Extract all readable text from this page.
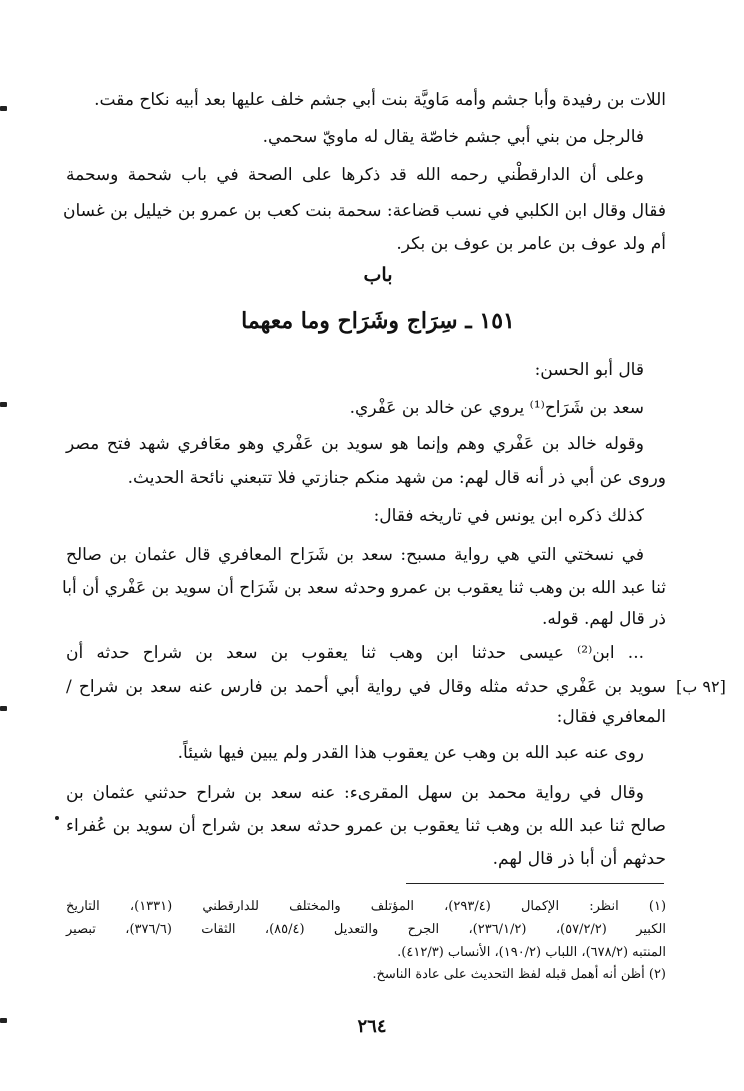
اللات بن رفيدة وأبا جشم وأمه مَاويَّة بنت أبي جشم خلف عليها بعد أبيه نكاح مقت.
فالرجل من بني أبي جشم خاصّة يقال له ماويّ سحمي.
وعلى أن الدارقطْني رحمه الله قد ذكرها على الصحة في باب شحمة وسحمة
فقال وقال ابن الكلبي في نسب قضاعة: سحمة بنت كعب بن عمرو بن خيليل بن غسان
أم ولد عوف بن عامر بن عوف بن بكر.
باب
١٥١ ـ سِرَاج وشَرَاح وما معهما
قال أبو الحسن:
سعد بن شَرَاح⁽¹⁾ يروي عن خالد بن عَفْري.
وقوله خالد بن عَفْري وهم وإنما هو سويد بن عَفْري وهو معَافري شهد فتح مصر
وروى عن أبي ذر أنه قال لهم: من شهد منكم جنازتي فلا تتبعني نائحة الحديث.
كذلك ذكره ابن يونس في تاريخه فقال:
في نسختي التي هي رواية مسبح: سعد بن شَرَاح المعافري قال عثمان بن صالح
ثنا عبد الله بن وهب ثنا يعقوب بن عمرو وحدثه سعد بن شَرَاح أن سويد بن عَفْري أن أبا
ذر قال لهم. قوله.
... ابن⁽²⁾ عيسى حدثنا ابن وهب ثنا يعقوب بن سعد بن شراح حدثه أن
سويد بن عَفْري حدثه مثله وقال في رواية أبي أحمد بن فارس عنه سعد بن شراح /
المعافري فقال:
روى عنه عبد الله بن وهب عن يعقوب هذا القدر ولم يبين فيها شيئاً.
وقال في رواية محمد بن سهل المقرىء: عنه سعد بن شراح حدثني عثمان بن
صالح ثنا عبد الله بن وهب ثنا يعقوب بن عمرو حدثه سعد بن شراح أن سويد بن عُفراء
حدثهم أن أبا ذر قال لهم.
[٩٢ ب]
(١) انظر: الإكمال (٢٩٣/٤)، المؤتلف والمختلف للدارقطني (١٣٣١)، التاريخ
الكبير (٥٧/٢/٢)، (٢٣٦/١/٢)، الجرح والتعديل (٨٥/٤)، الثقات (٣٧٦/٦)، تبصير
المنتبه (٦٧٨/٢)، اللباب (١٩٠/٢)، الأنساب (٤١٢/٣).
(٢) أظن أنه أهمل قبله لفظ التحديث على عادة الناسخ.
٢٦٤
